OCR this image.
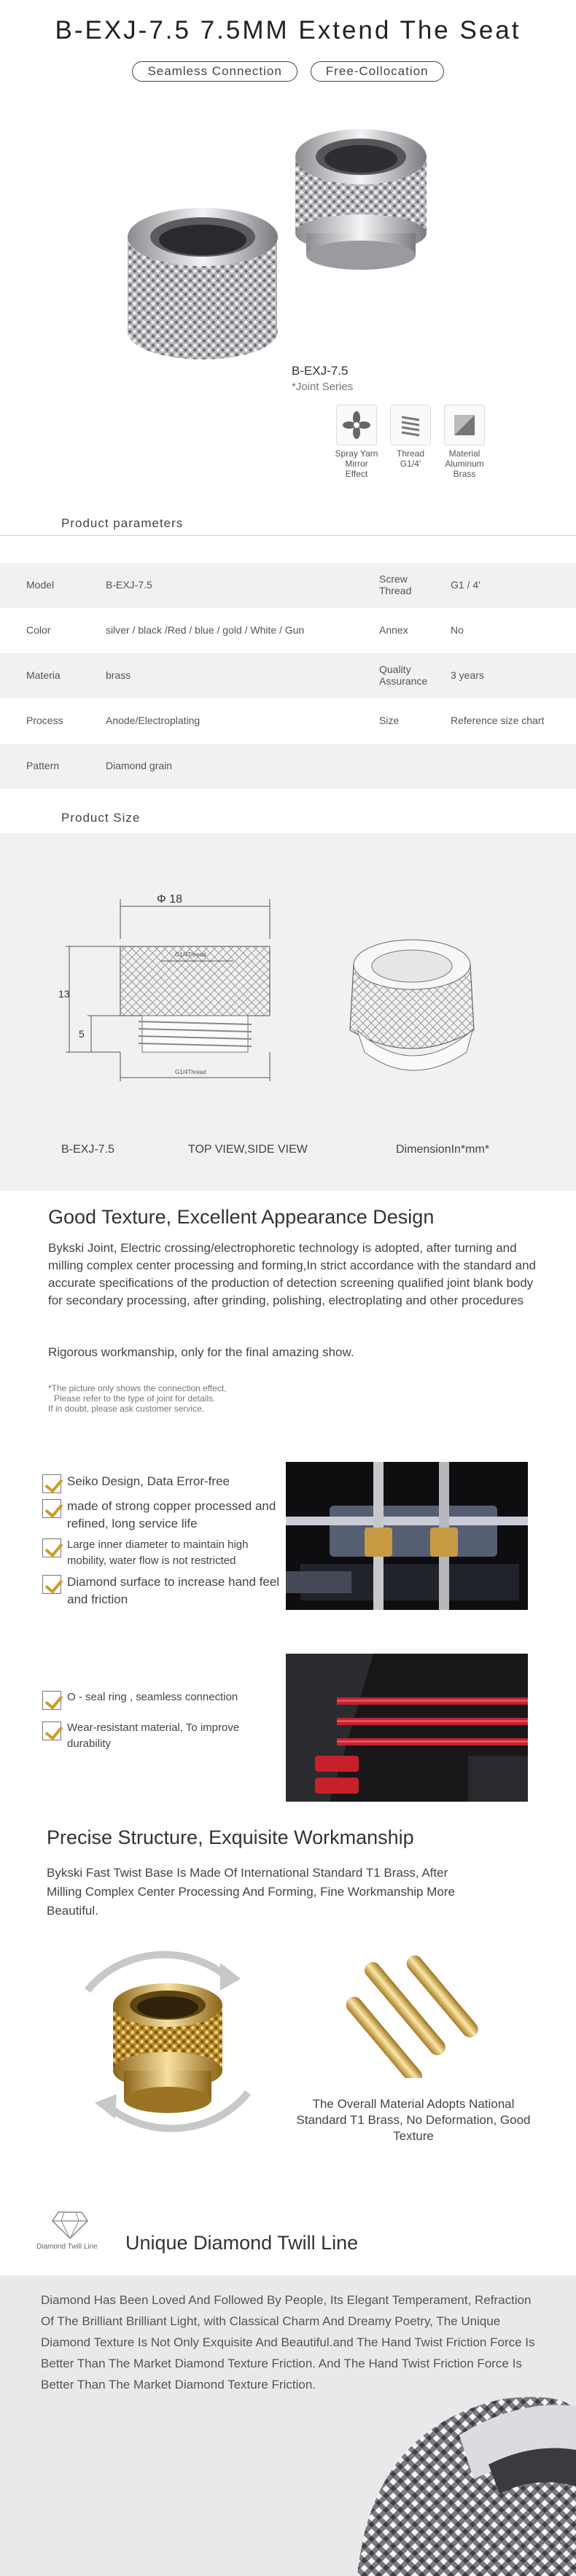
B-EXJ-7.5 7.5MM Extend The Seat
Seamless Connection	Free-Collocation
B-EXJ-7.5
*Joint Series
Spray Yarn Mirror Effect
Thread G1/4'
Material Aluminum Brass
Product parameters
Model	B-EXJ-7.5	Screw Thread	G1 / 4'
Color	silver / black /Red / blue / gold / White / Gun	Annex	No
Materia	brass	Quality Assurance	3 years
Process	Anode/Electroplating	Size	Reference size chart
Pattern	Diamond grain
Product Size
Φ 18
13
5
G1/4Thread
G1/4Thread
B-EXJ-7.5	TOP VIEW,SIDE VIEW	DimensionIn*mm*
Good Texture, Excellent Appearance Design
Bykski Joint, Electric crossing/electrophoretic technology is adopted, after turning and milling complex center processing and forming,In strict accordance with the standard and accurate specifications of the production of detection screening qualified joint blank body for secondary processing, after grinding, polishing, electroplating and other procedures
Rigorous workmanship, only for the final amazing show.
*The picture only shows the connection effect,
Please refer to the type of joint for details.
If in doubt, please ask customer service.
Seiko Design, Data Error-free
made of strong copper processed and refined, long service life
Large inner diameter to maintain high mobility, water flow is not restricted
Diamond surface to increase hand feel and friction
O - seal ring , seamless connection
Wear-resistant material, To improve durability
Precise Structure, Exquisite Workmanship
Bykski Fast Twist Base Is Made Of International Standard T1 Brass, After Milling Complex Center Processing And Forming, Fine Workmanship More Beautiful.
The Overall Material Adopts National Standard T1 Brass, No Deformation, Good Texture
Diamond Twill Line Unique Diamond Twill Line
Diamond Has Been Loved And Followed By People, Its Elegant Temperament, Refraction Of The Brilliant Brilliant Light, with Classical Charm And Dreamy Poetry, The Unique Diamond Texture Is Not Only Exquisite And Beautiful.and The Hand Twist Friction Force Is Better Than The Market Diamond Texture Friction. And The Hand Twist Friction Force Is Better Than The Market Diamond Texture Friction.
